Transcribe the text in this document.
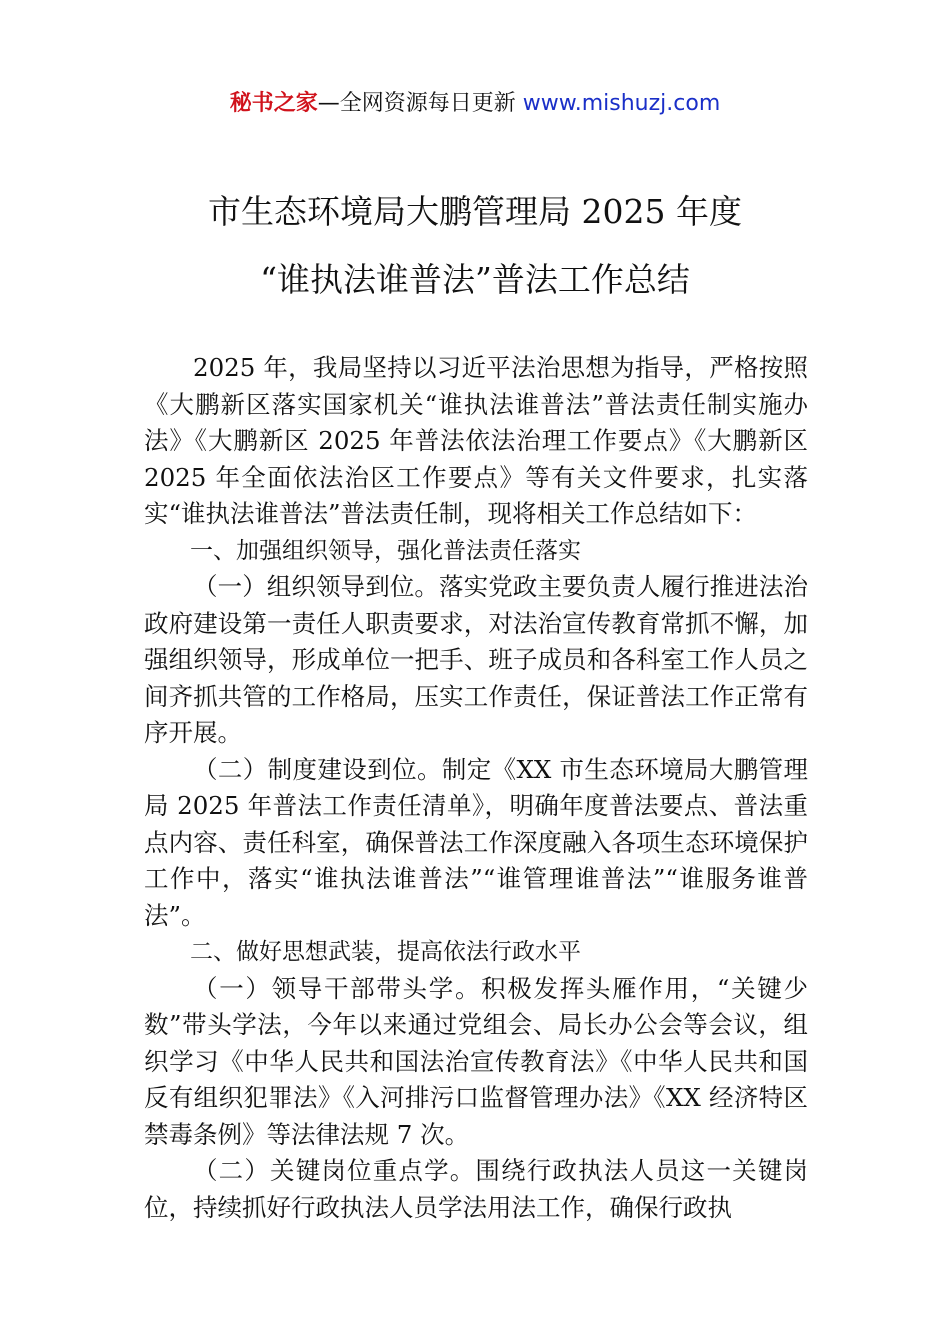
秘书之家—全网资源每日更新 www.mishuzj.com
市生态环境局大鹏管理局 2025 年度
“谁执法谁普法”普法工作总结

2025 年，我局坚持以习近平法治思想为指导，严格按照《大鹏新区落实国家机关“谁执法谁普法”普法责任制实施办法》《大鹏新区 2025 年普法依法治理工作要点》《大鹏新区 2025 年全面依法治区工作要点》等有关文件要求，扎实落实“谁执法谁普法”普法责任制，现将相关工作总结如下：

一、加强组织领导，强化普法责任落实

（一）组织领导到位。落实党政主要负责人履行推进法治政府建设第一责任人职责要求，对法治宣传教育常抓不懈，加强组织领导，形成单位一把手、班子成员和各科室工作人员之间齐抓共管的工作格局，压实工作责任，保证普法工作正常有序开展。

（二）制度建设到位。制定《XX 市生态环境局大鹏管理局 2025 年普法工作责任清单》，明确年度普法要点、普法重点内容、责任科室，确保普法工作深度融入各项生态环境保护工作中，落实“谁执法谁普法”“谁管理谁普法”“谁服务谁普法”。

二、做好思想武装，提高依法行政水平

（一）领导干部带头学。积极发挥头雁作用，“关键少数”带头学法，今年以来通过党组会、局长办公会等会议，组织学习《中华人民共和国法治宣传教育法》《中华人民共和国反有组织犯罪法》《入河排污口监督管理办法》《XX 经济特区禁毒条例》等法律法规 7 次。

（二）关键岗位重点学。围绕行政执法人员这一关键岗位，持续抓好行政执法人员学法用法工作，确保行政执
